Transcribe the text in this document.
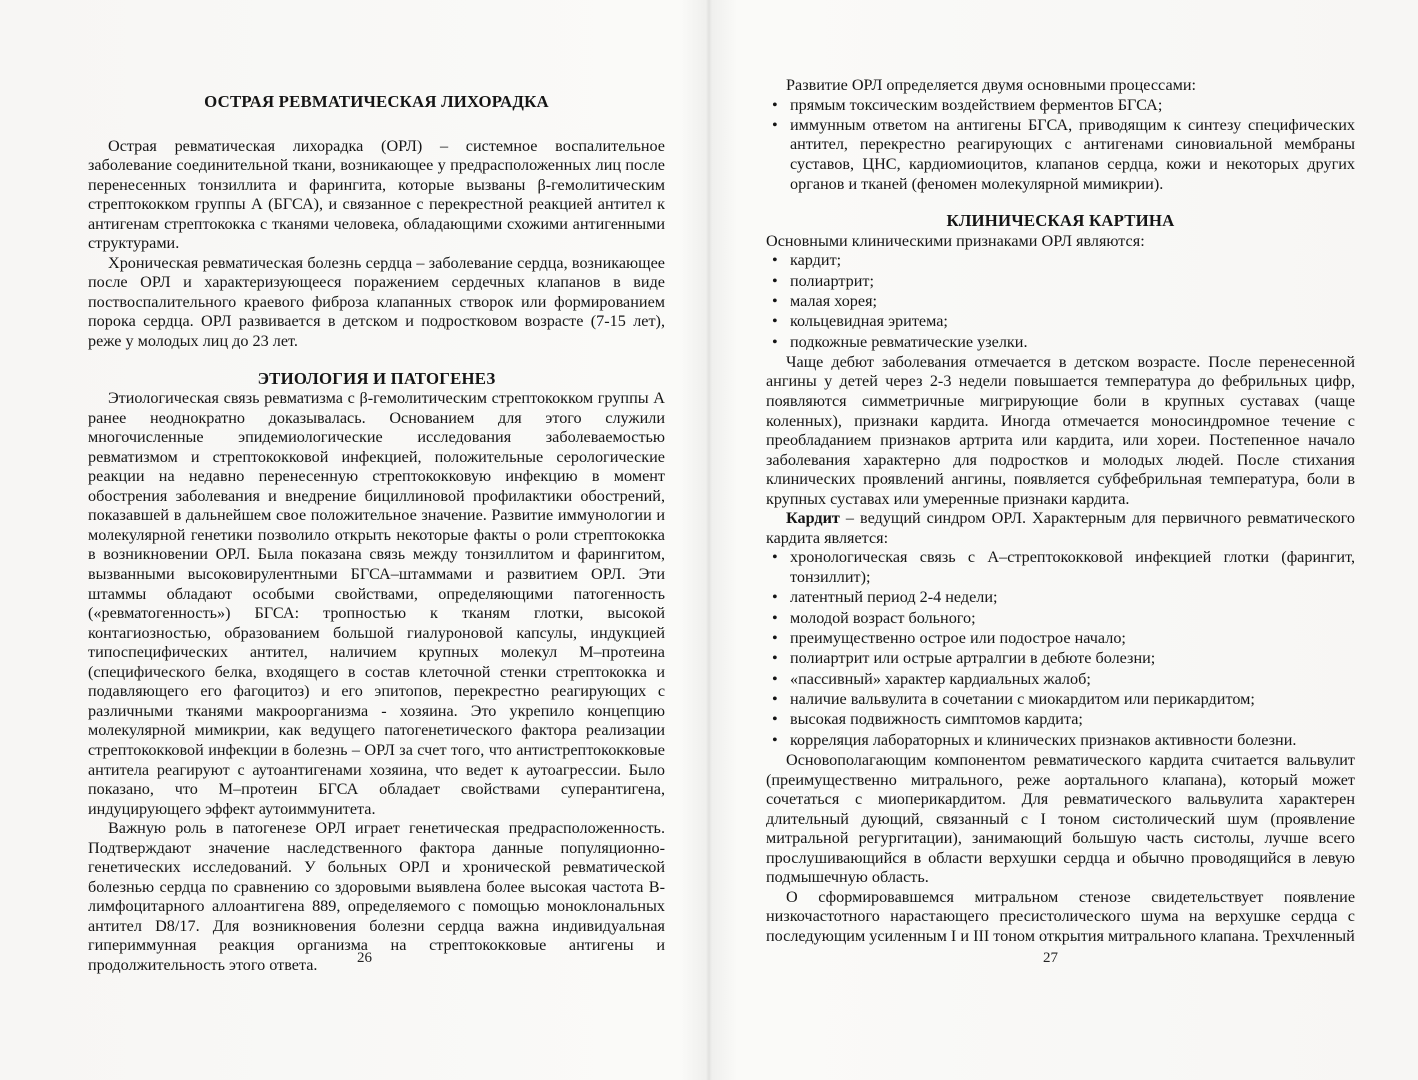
ОСТРАЯ РЕВМАТИЧЕСКАЯ ЛИХОРАДКА

Острая ревматическая лихорадка (ОРЛ) – системное воспалительное заболевание соединительной ткани, возникающее у предрасположенных лиц после перенесенных тонзиллита и фарингита, которые вызваны β-гемолитическим стрептококком группы А (БГСА), и связанное с перекрестной реакцией антител к антигенам стрептококка с тканями человека, обладающими схожими антигенными структурами.

Хроническая ревматическая болезнь сердца – заболевание сердца, возникающее после ОРЛ и характеризующееся поражением сердечных клапанов в виде поствоспалительного краевого фиброза клапанных створок или формированием порока сердца. ОРЛ развивается в детском и подростковом возрасте (7-15 лет), реже у молодых лиц до 23 лет.

ЭТИОЛОГИЯ И ПАТОГЕНЕЗ

Этиологическая связь ревматизма с β-гемолитическим стрептококком группы А ранее неоднократно доказывалась. Основанием для этого служили многочисленные эпидемиологические исследования заболеваемостью ревматизмом и стрептококковой инфекцией, положительные серологические реакции на недавно перенесенную стрептококковую инфекцию в момент обострения заболевания и внедрение бициллиновой профилактики обострений, показавшей в дальнейшем свое положительное значение. Развитие иммунологии и молекулярной генетики позволило открыть некоторые факты о роли стрептококка в возникновении ОРЛ. Была показана связь между тонзиллитом и фарингитом, вызванными высоковирулентными БГСА–штаммами и развитием ОРЛ. Эти штаммы обладают особыми свойствами, определяющими патогенность («ревматогенность») БГСА: тропностью к тканям глотки, высокой контагиозностью, образованием большой гиалуроновой капсулы, индукцией типоспецифических антител, наличием крупных молекул М–протеина (специфического белка, входящего в состав клеточной стенки стрептококка и подавляющего его фагоцитоз) и его эпитопов, перекрестно реагирующих с различными тканями макроорганизма - хозяина. Это укрепило концепцию молекулярной мимикрии, как ведущего патогенетического фактора реализации стрептококковой инфекции в болезнь – ОРЛ за счет того, что антистрептококковые антитела реагируют с аутоантигенами хозяина, что ведет к аутоагрессии. Было показано, что М–протеин БГСА обладает свойствами суперантигена, индуцирующего эффект аутоиммунитета.

Важную роль в патогенезе ОРЛ играет генетическая предрасположенность. Подтверждают значение наследственного фактора данные популяционно-генетических исследований. У больных ОРЛ и хронической ревматической болезнью сердца по сравнению со здоровыми выявлена более высокая частота В-лимфоцитарного аллоантигена 889, определяемого с помощью моноклональных антител D8/17. Для возникновения болезни сердца важна индивидуальная гипериммунная реакция организма на стрептококковые антигены и продолжительность этого ответа.	26

Развитие ОРЛ определяется двумя основными процессами:

• прямым токсическим воздействием ферментов БГСА;
• иммунным ответом на антигены БГСА, приводящим к синтезу специфических антител, перекрестно реагирующих с антигенами синовиальной мембраны суставов, ЦНС, кардиомиоцитов, клапанов сердца, кожи и некоторых других органов и тканей (феномен молекулярной мимикрии).
КЛИНИЧЕСКАЯ КАРТИНА

Основными клиническими признаками ОРЛ являются:

• кардит;
• полиартрит;
• малая хорея;
• кольцевидная эритема;
• подкожные ревматические узелки.

Чаще дебют заболевания отмечается в детском возрасте. После перенесенной ангины у детей через 2-3 недели повышается температура до фебрильных цифр, появляются симметричные мигрирующие боли в крупных суставах (чаще коленных), признаки кардита. Иногда отмечается моносиндромное течение с преобладанием признаков артрита или кардита, или хореи. Постепенное начало заболевания характерно для подростков и молодых людей. После стихания клинических проявлений ангины, появляется субфебрильная температура, боли в крупных суставах или умеренные признаки кардита.

Кардит – ведущий синдром ОРЛ. Характерным для первичного ревматического кардита является:

• хронологическая связь с А–стрептококковой инфекцией глотки (фарингит, тонзиллит);
• латентный период 2-4 недели;
• молодой возраст больного;
• преимущественно острое или подострое начало;
• полиартрит или острые артралгии в дебюте болезни;
• «пассивный» характер кардиальных жалоб;
• наличие вальвулита в сочетании с миокардитом или перикардитом;
• высокая подвижность симптомов кардита;
• корреляция лабораторных и клинических признаков активности болезни.

Основополагающим компонентом ревматического кардита считается вальвулит (преимущественно митрального, реже аортального клапана), который может сочетаться с миоперикардитом. Для ревматического вальвулита характерен длительный дующий, связанный с I тоном систолический шум (проявление митральной регургитации), занимающий большую часть систолы, лучше всего прослушивающийся в области верхушки сердца и обычно проводящийся в левую подмышечную область.

О сформировавшемся митральном стенозе свидетельствует появление низкочастотного нарастающего пресистолического шума на верхушке сердца с последующим усиленным I и III тоном открытия митрального клапана. Трехчленный

27
